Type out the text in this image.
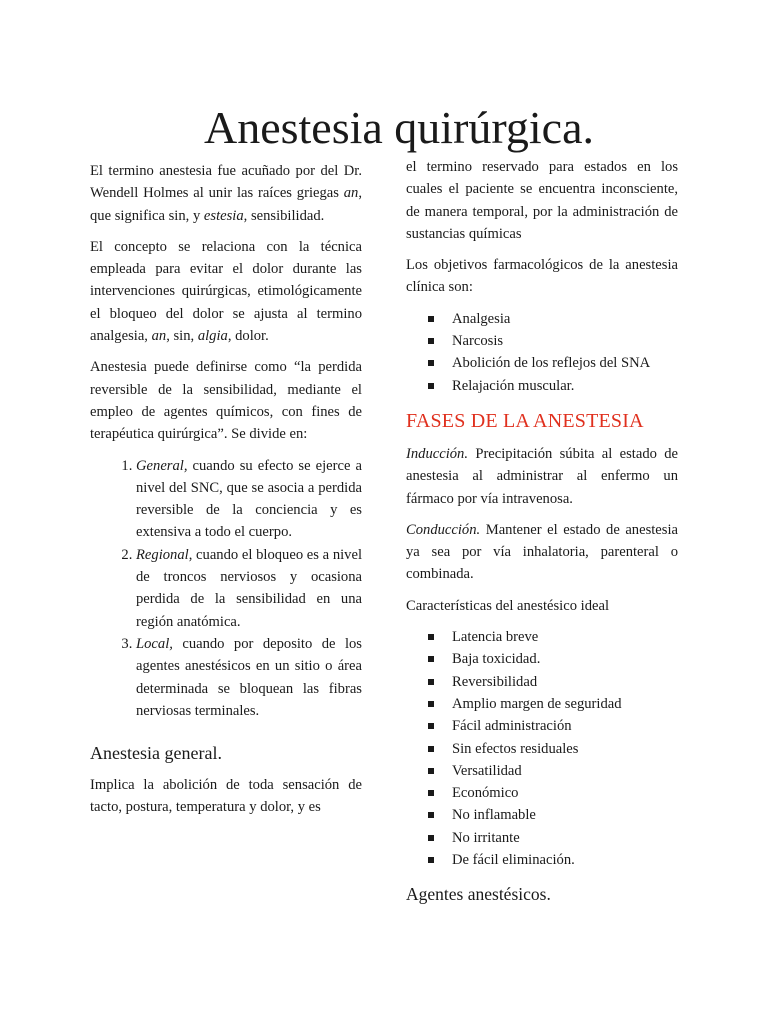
Anestesia quirúrgica.

El termino anestesia fue acuñado por del Dr. Wendell Holmes al unir las raíces griegas an, que significa sin, y estesia, sensibilidad.

El concepto se relaciona con la técnica empleada para evitar el dolor durante las intervenciones quirúrgicas, etimológicamente el bloqueo del dolor se ajusta al termino analgesia, an, sin, algia, dolor.

Anestesia puede definirse como “la perdida reversible de la sensibilidad, mediante el empleo de agentes químicos, con fines de terapéutica quirúrgica”. Se divide en:

1. General, cuando su efecto se ejerce a nivel del SNC, que se asocia a perdida reversible de la conciencia y es extensiva a todo el cuerpo.
2. Regional, cuando el bloqueo es a nivel de troncos nerviosos y ocasiona perdida de la sensibilidad en una región anatómica.
3. Local, cuando por deposito de los agentes anestésicos en un sitio o área determinada se bloquean las fibras nerviosas terminales.
Anestesia general.

Implica la abolición de toda sensación de tacto, postura, temperatura y dolor, y es

el termino reservado para estados en los cuales el paciente se encuentra inconsciente, de manera temporal, por la administración de sustancias químicas

Los objetivos farmacológicos de la anestesia clínica son:

Analgesia
Narcosis
Abolición de los reflejos del SNA
Relajación muscular.
FASES DE LA ANESTESIA

Inducción. Precipitación súbita al estado de anestesia al administrar al enfermo un fármaco por vía intravenosa.

Conducción. Mantener el estado de anestesia ya sea por vía inhalatoria, parenteral o combinada.

Características del anestésico ideal

Latencia breve
Baja toxicidad.
Reversibilidad
Amplio margen de seguridad
Fácil administración
Sin efectos residuales
Versatilidad
Económico
No inflamable
No irritante
De fácil eliminación.
Agentes anestésicos.
